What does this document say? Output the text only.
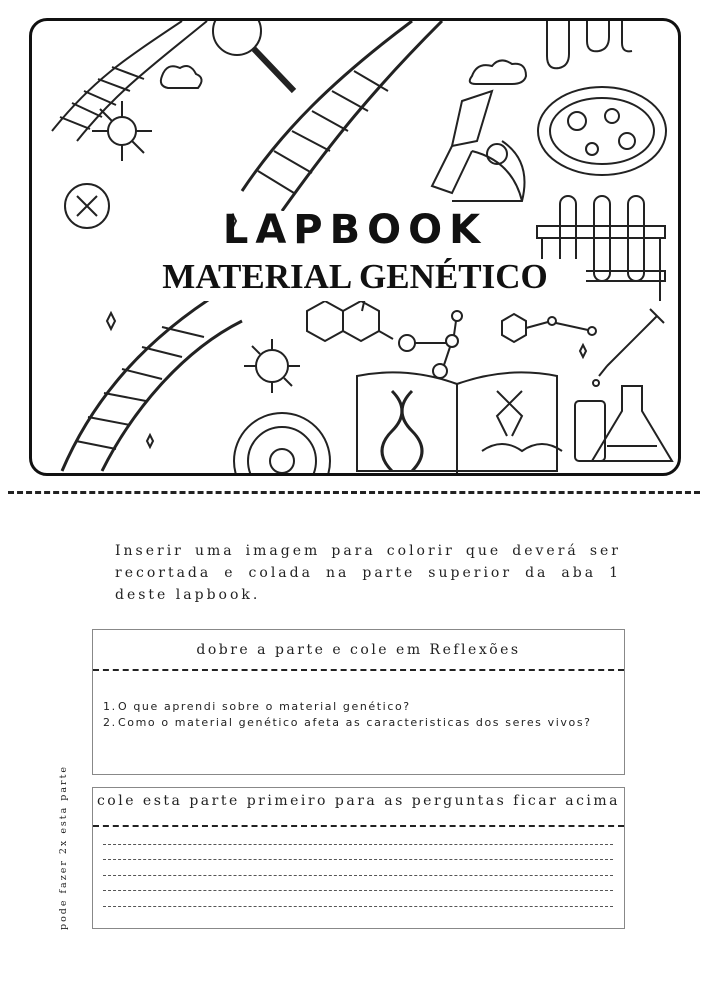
LAPBOOK
MATERIAL GENÉTICO
Inserir uma imagem para colorir que deverá ser recortada e colada na parte superior da aba 1 deste lapbook.
dobre a parte e cole em Reflexões
1. O que aprendi sobre o material genético?
2. Como o material genético afeta as caracteristicas dos seres vivos?
cole esta parte primeiro para as perguntas ficar acima
pode fazer 2x esta parte
